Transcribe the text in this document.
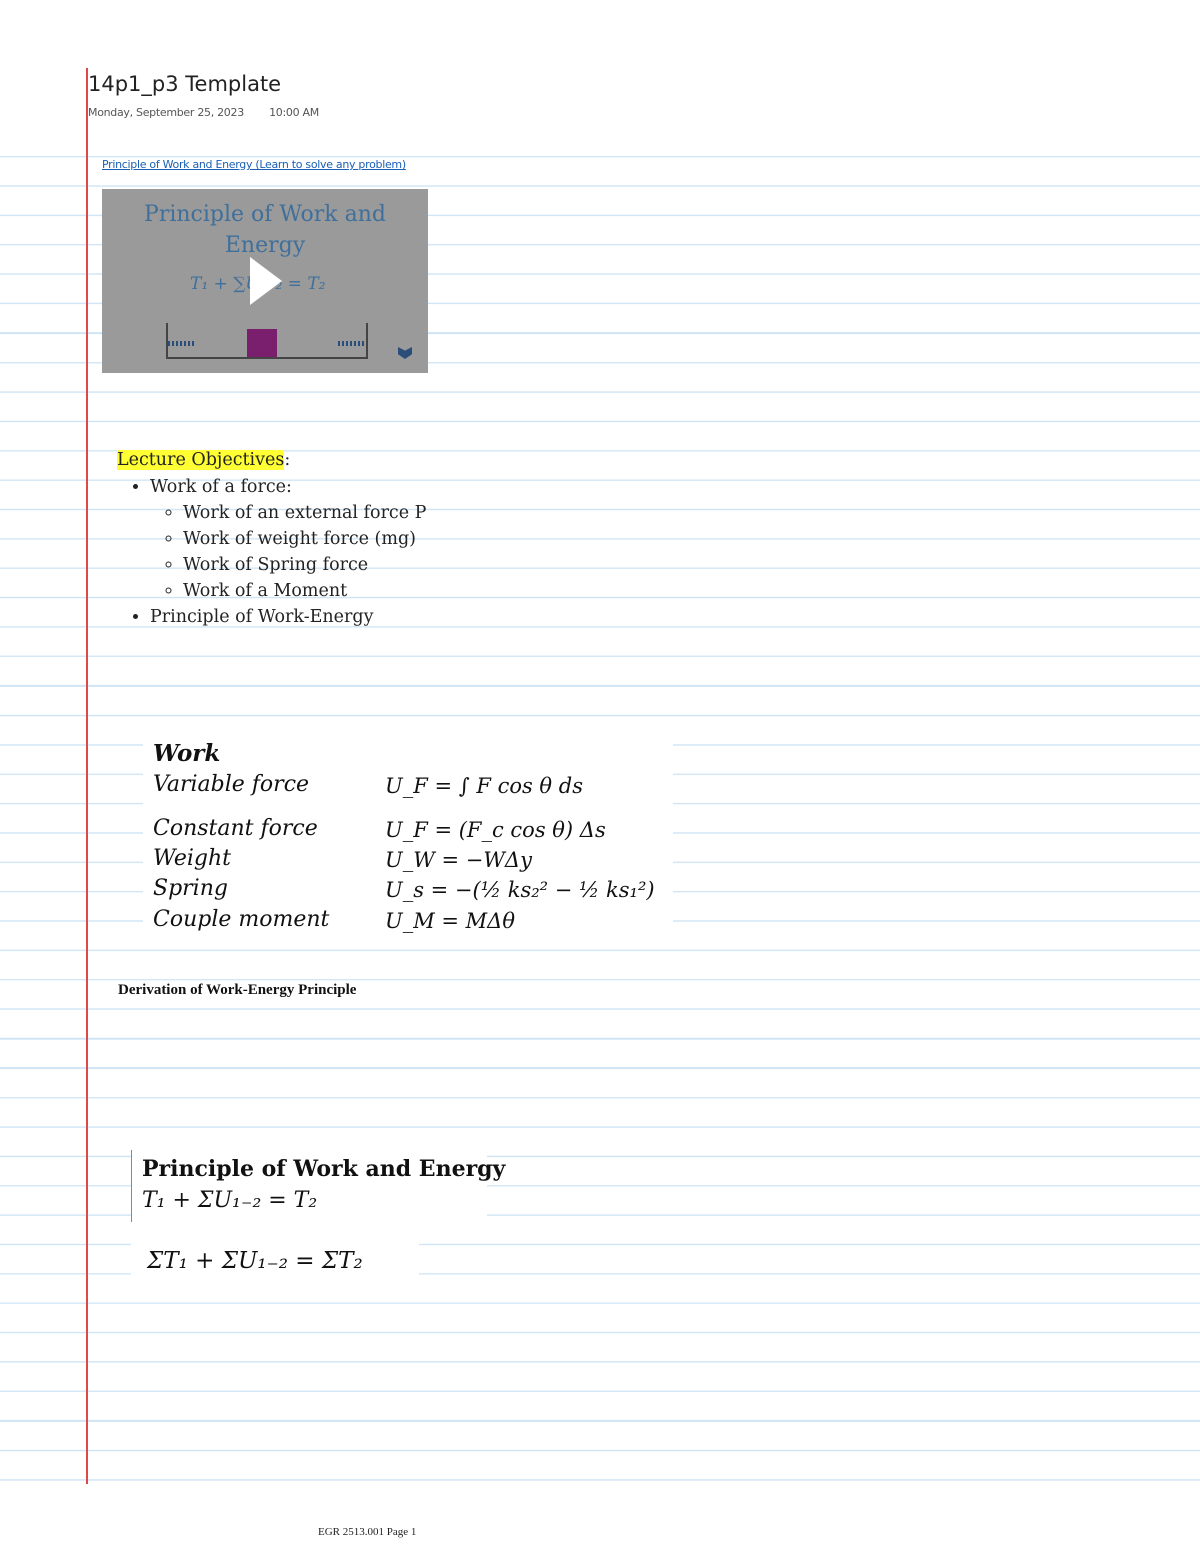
14p1_p3 Template
Monday, September 25, 2023 10:00 AM
Principle of Work and Energy (Learn to solve any problem)
Principle of Work and Energy
T₁ + ∑U₁₋₂ = T₂
Lecture Objectives:
• Work of a force:
◦ Work of an external force P
◦ Work of weight force (mg)
◦ Work of Spring force
◦ Work of a Moment
• Principle of Work-Energy
Work
Variable force	U_F = ∫ F cos θ ds
Constant force	U_F = (F_c cos θ) Δs
Weight	U_W = −WΔy
Spring	U_s = −(½ ks₂² − ½ ks₁²)
Couple moment	U_M = MΔθ
Derivation of Work-Energy Principle
Principle of Work and Energy
T₁ + ΣU₁₋₂ = T₂
ΣT₁ + ΣU₁₋₂ = ΣT₂
EGR 2513.001 Page 1
